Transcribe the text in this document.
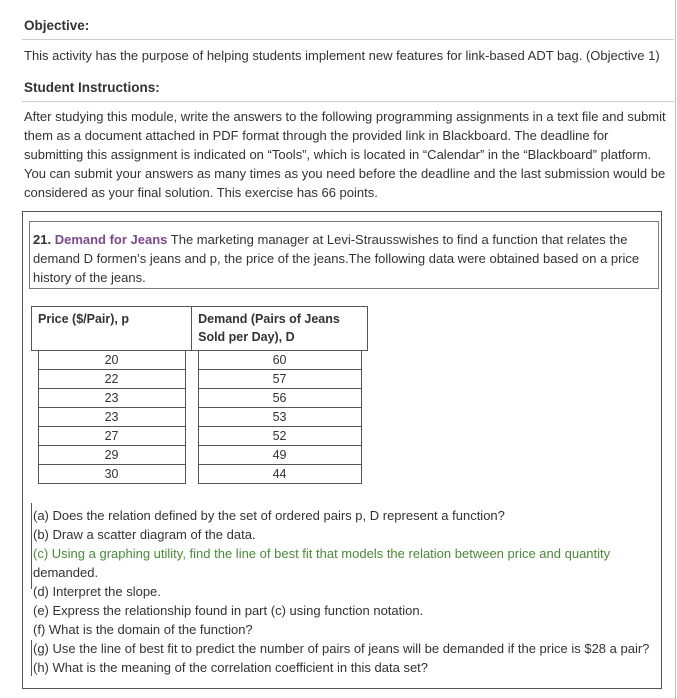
Objective:
This activity has the purpose of helping students implement new features for link-based ADT bag. (Objective 1)
Student Instructions:
After studying this module, write the answers to the following programming assignments in a text file and submit
them as a document attached in PDF format through the provided link in Blackboard. The deadline for
submitting this assignment is indicated on “Tools”, which is located in “Calendar” in the “Blackboard” platform.
You can submit your answers as many times as you need before the deadline and the last submission would be
considered as your final solution. This exercise has 66 points.
21. Demand for Jeans The marketing manager at Levi-Strausswishes to find a function that relates the
demand D formen’s jeans and p, the price of the jeans.The following data were obtained based on a price
history of the jeans.
Price ($/Pair), p			Demand (Pairs of Jeans
Sold per Day), D		
	20			60	
	22			57	
	23			56	
	23			53	
	27			52	
	29			49	
	30			44	
(a) Does the relation defined by the set of ordered pairs p, D represent a function?
(b) Draw a scatter diagram of the data.
(c) Using a graphing utility, find the line of best fit that models the relation between price and quantity
demanded.
(d) Interpret the slope.
(e) Express the relationship found in part (c) using function notation.
(f) What is the domain of the function?
(g) Use the line of best fit to predict the number of pairs of jeans will be demanded if the price is $28 a pair?
(h) What is the meaning of the correlation coefficient in this data set?
